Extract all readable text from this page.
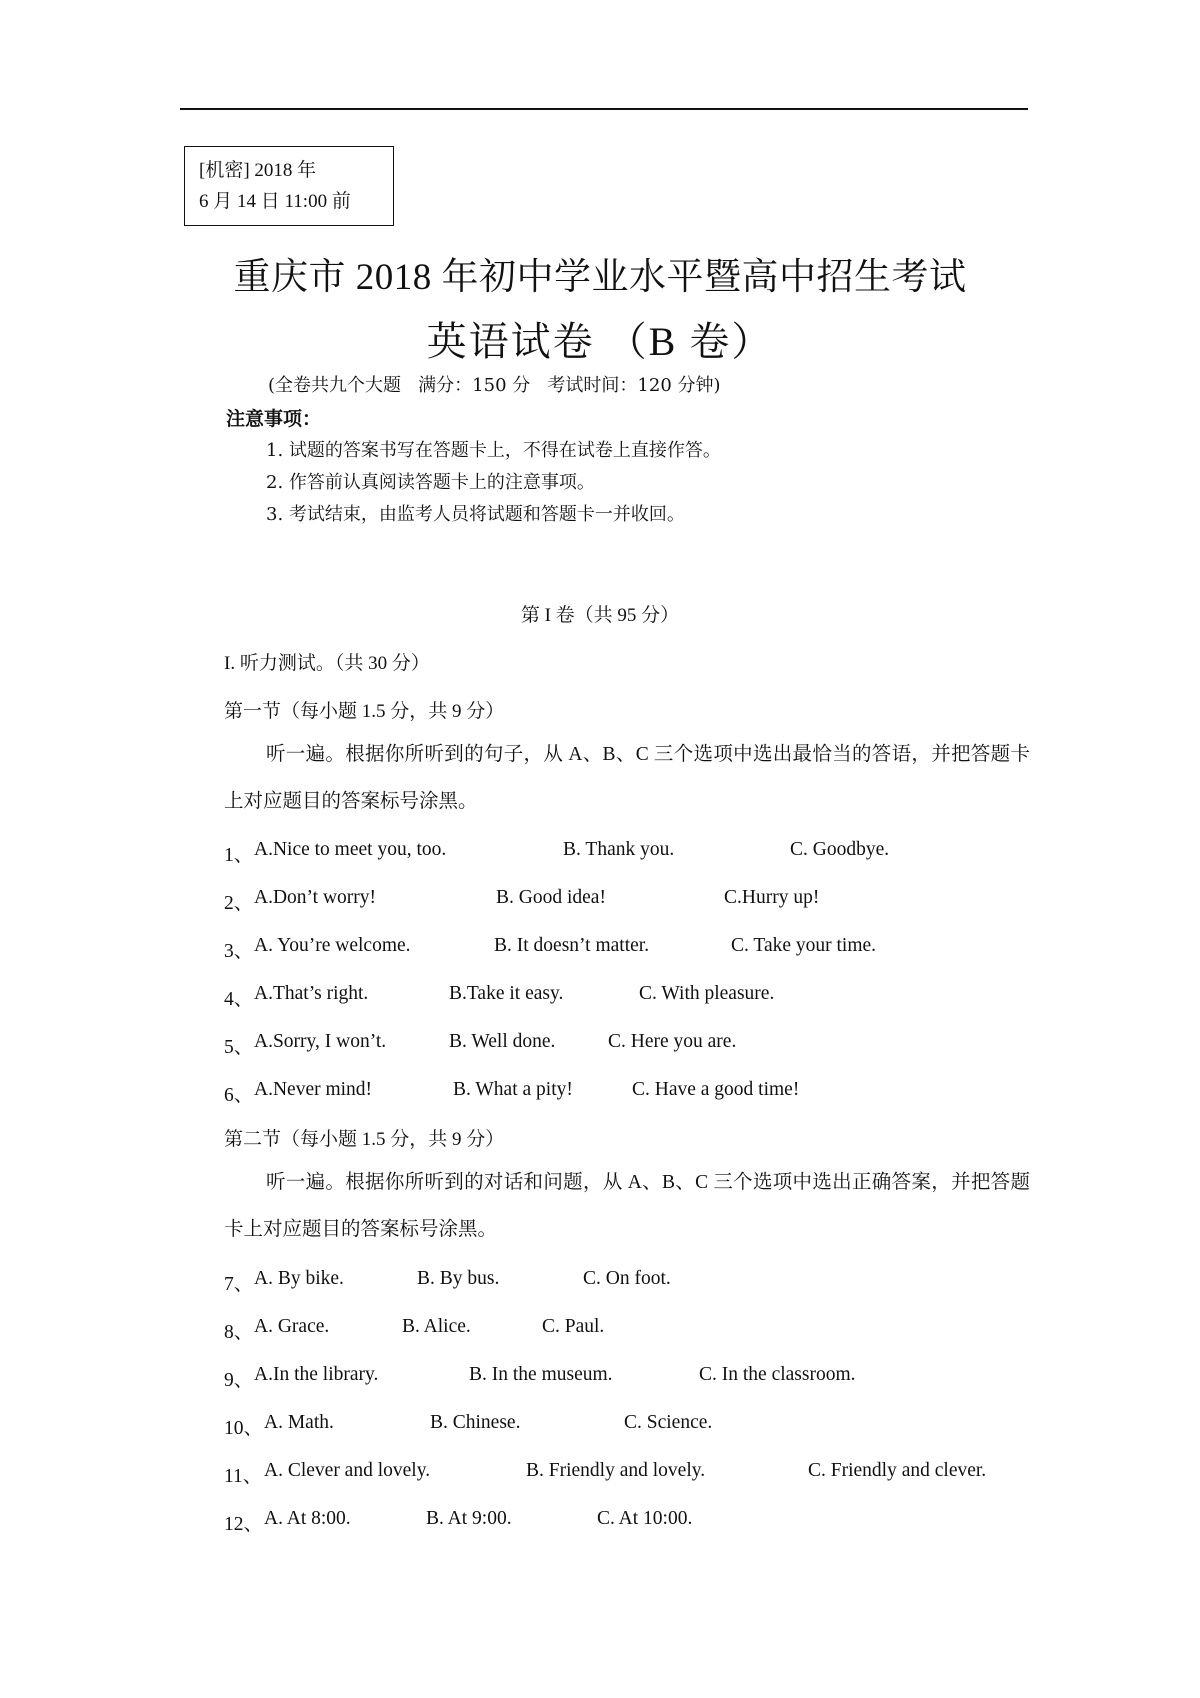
[机密] 2018 年
6 月 14 日 11:00 前
重庆市 2018 年初中学业水平暨高中招生考试
英语试卷 （B 卷）
(全卷共九个大题   满分：150 分   考试时间：120 分钟)
注意事项：
1. 试题的答案书写在答题卡上，不得在试卷上直接作答。
2. 作答前认真阅读答题卡上的注意事项。
3. 考试结束，由监考人员将试题和答题卡一并收回。
第 I 卷（共 95 分）
I. 听力测试。（共 30 分）
第一节（每小题 1.5 分，共 9 分）
听一遍。根据你所听到的句子，从 A、B、C 三个选项中选出最恰当的答语，并把答题卡上对应题目的答案标号涂黑。
1、 A.Nice to meet you, too.	B. Thank you.	C. Goodbye.
2、 A.Don’t worry!	B. Good idea!	C.Hurry up!
3、 A. You’re welcome.	B. It doesn’t matter.	C. Take your time.
4、 A.That’s right.	B.Take it easy.	C. With pleasure.
5、 A.Sorry, I won’t.	B. Well done.	C. Here you are.
6、 A.Never mind!	B. What a pity!	C. Have a good time!
第二节（每小题 1.5 分，共 9 分）
听一遍。根据你所听到的对话和问题，从 A、B、C 三个选项中选出正确答案，并把答题卡上对应题目的答案标号涂黑。
7、 A. By bike.	B. By bus.	C. On foot.
8、 A. Grace.	B. Alice.	C. Paul.
9、 A.In the library.	B. In the museum.	C. In the classroom.
10、 A. Math.	B. Chinese.	C. Science.
11、 A. Clever and lovely.	B. Friendly and lovely.	C. Friendly and clever.
12、 A. At 8:00.	B. At 9:00.	C. At 10:00.
